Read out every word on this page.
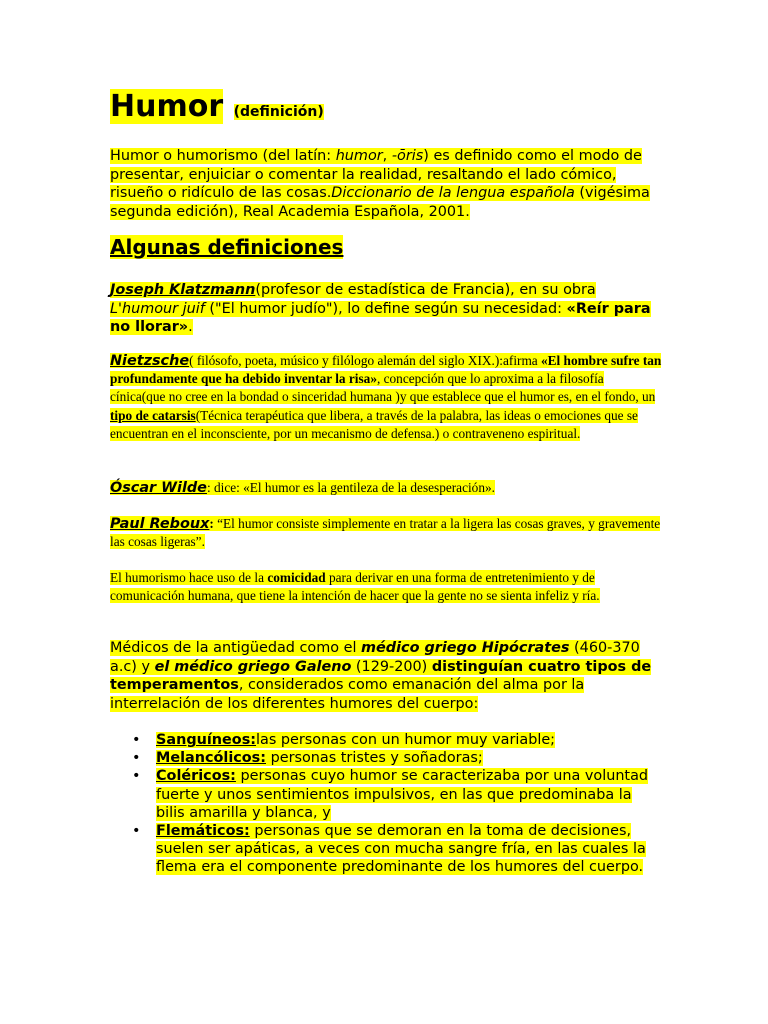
Humor (definición)

Humor o humorismo (del latín: humor, -ōris) es definido como el modo de presentar, enjuiciar o comentar la realidad, resaltando el lado cómico, risueño o ridículo de las cosas.Diccionario de la lengua española (vigésima segunda edición), Real Academia Española, 2001.

Algunas definiciones

Joseph Klatzmann(profesor de estadística de Francia), en su obra L'humour juif ("El humor judío"), lo define según su necesidad: «Reír para no llorar».

Nietzsche( filósofo, poeta, músico y filólogo alemán del siglo XIX.):afirma «El hombre sufre tan profundamente que ha debido inventar la risa», concepción que lo aproxima a la filosofía cínica(que no cree en la bondad o sinceridad humana )y que establece que el humor es, en el fondo, un tipo de catarsis(Técnica terapéutica que libera, a través de la palabra, las ideas o emociones que se encuentran en el inconsciente, por un mecanismo de defensa.) o contraveneno espiritual.

Óscar Wilde: dice: «El humor es la gentileza de la desesperación».

Paul Reboux: “El humor consiste simplemente en tratar a la ligera las cosas graves, y gravemente las cosas ligeras”.

El humorismo hace uso de la comicidad para derivar en una forma de entretenimiento y de comunicación humana, que tiene la intención de hacer que la gente no se sienta infeliz y ría.

Médicos de la antigüedad como el médico griego Hipócrates (460-370 a.c) y el médico griego Galeno (129-200) distinguían cuatro tipos de temperamentos, considerados como emanación del alma por la interrelación de los diferentes humores del cuerpo:

• Sanguíneos:las personas con un humor muy variable;
• Melancólicos: personas tristes y soñadoras;
• Coléricos: personas cuyo humor se caracterizaba por una voluntad fuerte y unos sentimientos impulsivos, en las que predominaba la bilis amarilla y blanca, y
• Flemáticos: personas que se demoran en la toma de decisiones, suelen ser apáticas, a veces con mucha sangre fría, en las cuales la flema era el componente predominante de los humores del cuerpo.
